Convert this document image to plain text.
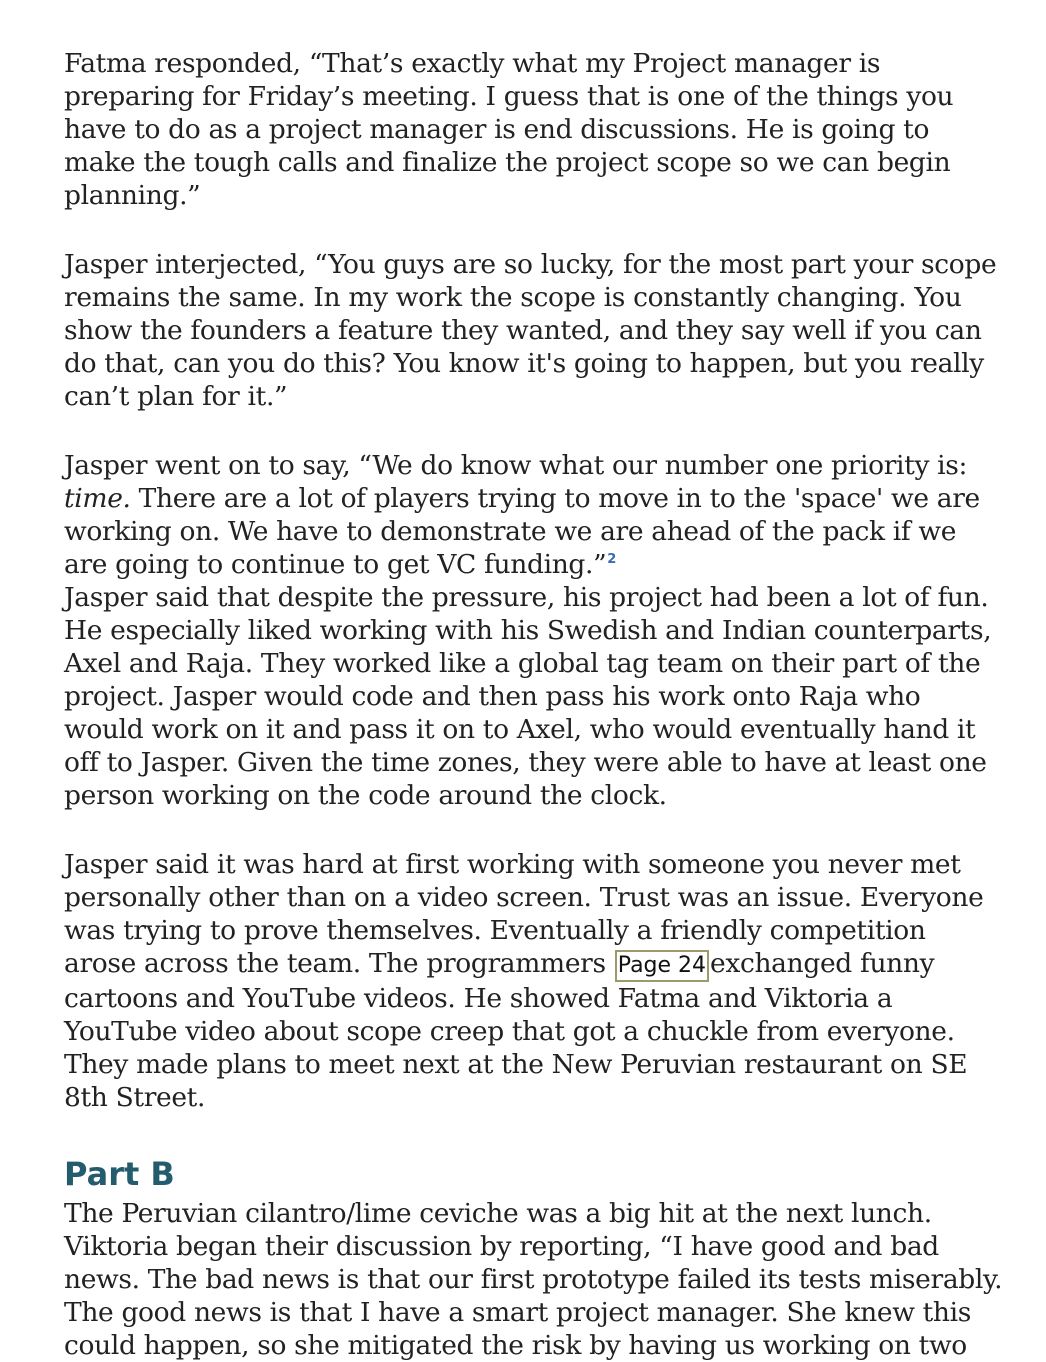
Fatma responded, “That’s exactly what my Project manager is preparing for Friday’s meeting. I guess that is one of the things you have to do as a project manager is end discussions. He is going to make the tough calls and finalize the project scope so we can begin planning.”

Jasper interjected, “You guys are so lucky, for the most part your scope remains the same. In my work the scope is constantly changing. You show the founders a feature they wanted, and they say well if you can do that, can you do this? You know it's going to happen, but you really can’t plan for it.”

Jasper went on to say, “We do know what our number one priority is: time. There are a lot of players trying to move in to the 'space' we are working on. We have to demonstrate we are ahead of the pack if we are going to continue to get VC funding.”$^2$

Jasper said that despite the pressure, his project had been a lot of fun. He especially liked working with his Swedish and Indian counterparts, Axel and Raja. They worked like a global tag team on their part of the project. Jasper would code and then pass his work onto Raja who would work on it and pass it on to Axel, who would eventually hand it off to Jasper. Given the time zones, they were able to have at least one person working on the code around the clock.

Jasper said it was hard at first working with someone you never met personally other than on a video screen. Trust was an issue. Everyone was trying to prove themselves. Eventually a friendly competition arose across the team. The programmers Page 24 exchanged funny cartoons and YouTube videos. He showed Fatma and Viktoria a YouTube video about scope creep that got a chuckle from everyone.

They made plans to meet next at the New Peruvian restaurant on SE 8th Street.

Part B

The Peruvian cilantro/lime ceviche was a big hit at the next lunch. Viktoria began their discussion by reporting, “I have good and bad news. The bad news is that our first prototype failed its tests miserably. The good news is that I have a smart project manager. She knew this could happen, so she mitigated the risk by having us working on two
